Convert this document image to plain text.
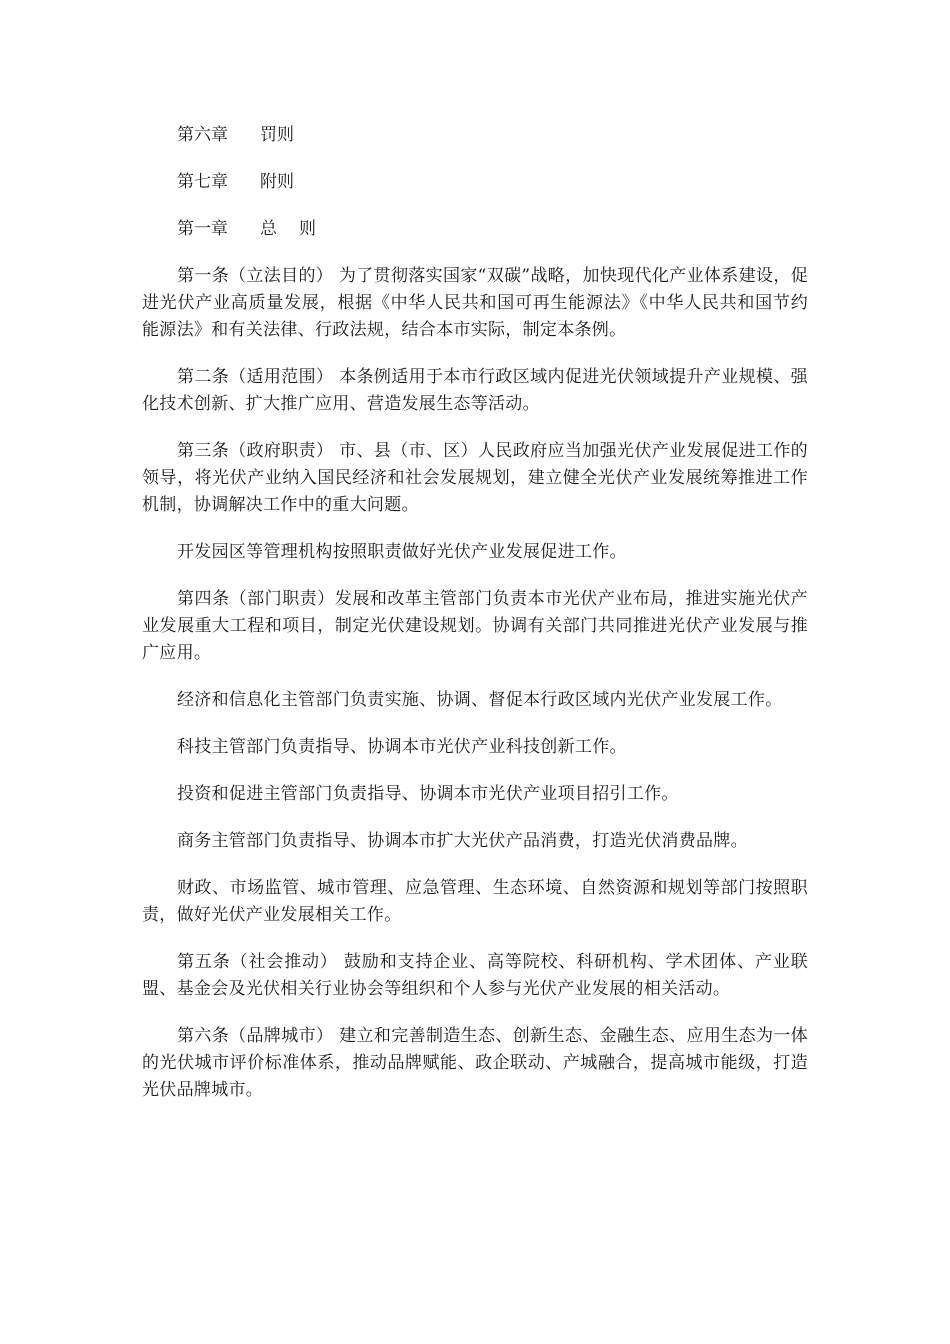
第六章 罚则
第七章 附则
第一章 总 则

第一条（立法目的） 为了贯彻落实国家“双碳”战略，加快现代化产业体系建设，促进光伏产业高质量发展，根据《中华人民共和国可再生能源法》《中华人民共和国节约能源法》和有关法律、行政法规，结合本市实际，制定本条例。

第二条（适用范围） 本条例适用于本市行政区域内促进光伏领域提升产业规模、强化技术创新、扩大推广应用、营造发展生态等活动。

第三条（政府职责） 市、县（市、区）人民政府应当加强光伏产业发展促进工作的领导，将光伏产业纳入国民经济和社会发展规划，建立健全光伏产业发展统筹推进工作机制，协调解决工作中的重大问题。

开发园区等管理机构按照职责做好光伏产业发展促进工作。

第四条（部门职责）发展和改革主管部门负责本市光伏产业布局，推进实施光伏产业发展重大工程和项目，制定光伏建设规划。协调有关部门共同推进光伏产业发展与推广应用。

经济和信息化主管部门负责实施、协调、督促本行政区域内光伏产业发展工作。

科技主管部门负责指导、协调本市光伏产业科技创新工作。

投资和促进主管部门负责指导、协调本市光伏产业项目招引工作。

商务主管部门负责指导、协调本市扩大光伏产品消费，打造光伏消费品牌。

财政、市场监管、城市管理、应急管理、生态环境、自然资源和规划等部门按照职责，做好光伏产业发展相关工作。

第五条（社会推动） 鼓励和支持企业、高等院校、科研机构、学术团体、产业联盟、基金会及光伏相关行业协会等组织和个人参与光伏产业发展的相关活动。

第六条（品牌城市） 建立和完善制造生态、创新生态、金融生态、应用生态为一体的光伏城市评价标准体系，推动品牌赋能、政企联动、产城融合，提高城市能级，打造光伏品牌城市。
